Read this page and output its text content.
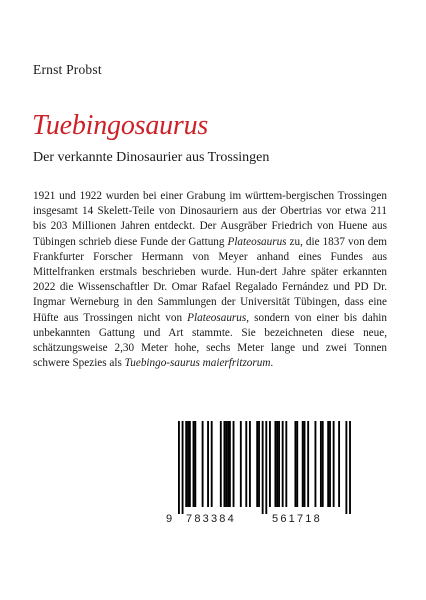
Ernst Probst
Tuebingosaurus
Der verkannte Dinosaurier aus Trossingen

1921 und 1922 wurden bei einer Grabung im württem-bergischen Trossingen insgesamt 14 Skelett-Teile von Dinosauriern aus der Obertrias vor etwa 211 bis 203 Millionen Jahren entdeckt. Der Ausgräber Friedrich von Huene aus Tübingen schrieb diese Funde der Gattung Plateosaurus zu, die 1837 von dem Frankfurter Forscher Hermann von Meyer anhand eines Fundes aus Mittelfranken erstmals beschrieben wurde. Hun-dert Jahre später erkannten 2022 die Wissenschaftler Dr. Omar Rafael Regalado Fernández und PD Dr. Ingmar Werneburg in den Sammlungen der Universität Tübingen, dass eine Hüfte aus Trossingen nicht von Plateosaurus, sondern von einer bis dahin unbekannten Gattung und Art stammte. Sie bezeichneten diese neue, schätzungsweise 2,30 Meter hohe, sechs Meter lange und zwei Tonnen schwere Spezies als Tuebingo-saurus maierfritzorum.

9 783384	561718
